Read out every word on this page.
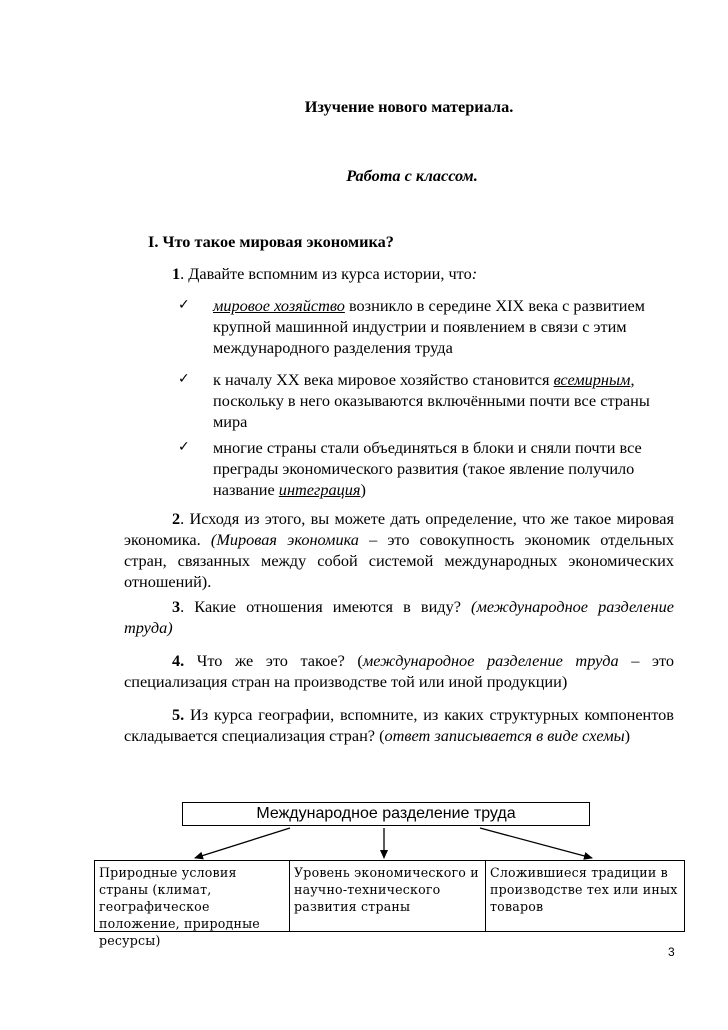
Изучение нового материала.
Работа с классом.
I. Что такое мировая экономика?
1. Давайте вспомним из курса истории, что:
✓ мировое хозяйство возникло в середине XIX века с развитием крупной машинной индустрии и появлением в связи с этим международного разделения труда
✓ к началу XX века мировое хозяйство становится всемирным, поскольку в него оказываются включёнными почти все страны мира
✓ многие страны стали объединяться в блоки и сняли почти все преграды экономического развития (такое явление получило название интеграция)
2. Исходя из этого, вы можете дать определение, что же такое мировая экономика. (Мировая экономика – это совокупность экономик отдельных стран, связанных между собой системой международных экономических отношений).
3. Какие отношения имеются в виду? (международное разделение труда)
4. Что же это такое? (международное разделение труда – это специализация стран на производстве той или иной продукции)
5. Из курса географии, вспомните, из каких структурных компонентов складывается специализация стран? (ответ записывается в виде схемы)
Международное разделение труда
Природные условия страны (климат, географическое положение, природные ресурсы)
Уровень экономического и научно-технического развития страны
Сложившиеся традиции в производстве тех или иных товаров
3
